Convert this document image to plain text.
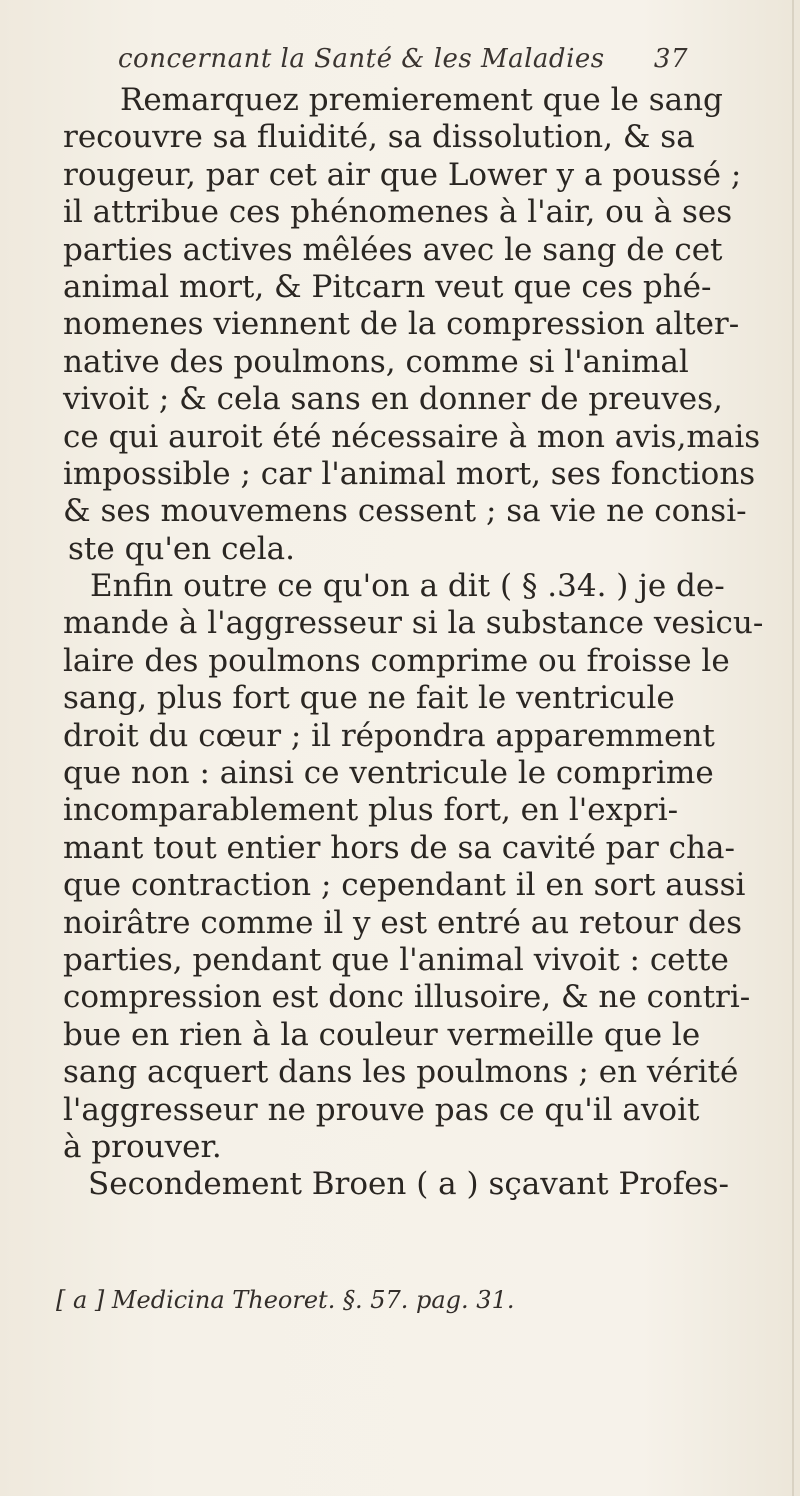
concernant la Santé & les Maladies 37
Remarquez premierement que le sang
recouvre sa fluidité, sa dissolution, & sa
rougeur, par cet air que Lower y a poussé ;
il attribue ces phénomenes à l'air, ou à ses
parties actives mêlées avec le sang de cet
animal mort, & Pitcarn veut que ces phé-
nomenes viennent de la compression alter-
native des poulmons, comme si l'animal
vivoit ; & cela sans en donner de preuves,
ce qui auroit été nécessaire à mon avis,mais
impossible ; car l'animal mort, ses fonctions
& ses mouvemens cessent ; sa vie ne consi-
ste qu'en cela.
Enfin outre ce qu'on a dit ( § .34. ) je de-
mande à l'aggresseur si la substance vesicu-
laire des poulmons comprime ou froisse le
sang, plus fort que ne fait le ventricule
droit du cœur ; il répondra apparemment
que non : ainsi ce ventricule le comprime
incomparablement plus fort, en l'expri-
mant tout entier hors de sa cavité par cha-
que contraction ; cependant il en sort aussi
noirâtre comme il y est entré au retour des
parties, pendant que l'animal vivoit : cette
compression est donc illusoire, & ne contri-
bue en rien à la couleur vermeille que le
sang acquert dans les poulmons ; en vérité
l'aggresseur ne prouve pas ce qu'il avoit
à prouver.
Secondement Broen ( a ) sçavant Profes-
[ a ] Medicina Theoret. §. 57. pag. 31.
